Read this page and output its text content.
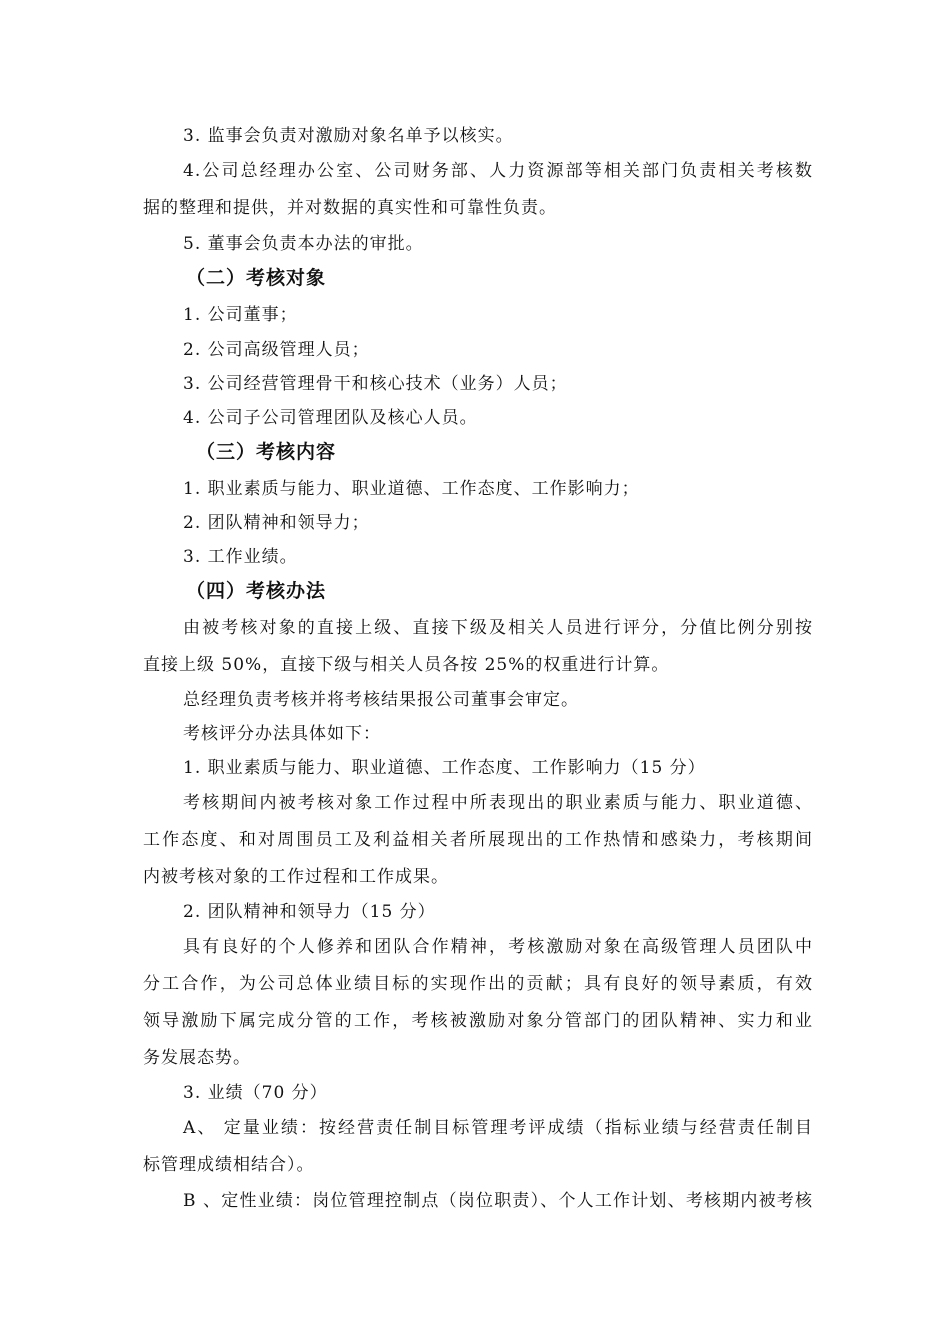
3. 监事会负责对激励对象名单予以核实。
4.公司总经理办公室、公司财务部、人力资源部等相关部门负责相关考核数
据的整理和提供，并对数据的真实性和可靠性负责。
5. 董事会负责本办法的审批。
（二）考核对象
1. 公司董事；
2. 公司高级管理人员；
3. 公司经营管理骨干和核心技术（业务）人员；
4. 公司子公司管理团队及核心人员。
（三）考核内容
1. 职业素质与能力、职业道德、工作态度、工作影响力；
2. 团队精神和领导力；
3. 工作业绩。
（四）考核办法
由被考核对象的直接上级、直接下级及相关人员进行评分，分值比例分别按
直接上级 50%，直接下级与相关人员各按 25%的权重进行计算。
总经理负责考核并将考核结果报公司董事会审定。
考核评分办法具体如下：
1. 职业素质与能力、职业道德、工作态度、工作影响力（15 分）
考核期间内被考核对象工作过程中所表现出的职业素质与能力、职业道德、
工作态度、和对周围员工及利益相关者所展现出的工作热情和感染力，考核期间
内被考核对象的工作过程和工作成果。
2. 团队精神和领导力（15 分）
具有良好的个人修养和团队合作精神，考核激励对象在高级管理人员团队中
分工合作，为公司总体业绩目标的实现作出的贡献；具有良好的领导素质，有效
领导激励下属完成分管的工作，考核被激励对象分管部门的团队精神、实力和业
务发展态势。
3. 业绩（70 分）
A、 定量业绩：按经营责任制目标管理考评成绩（指标业绩与经营责任制目
标管理成绩相结合）。
B 、定性业绩：岗位管理控制点（岗位职责）、个人工作计划、考核期内被考核
